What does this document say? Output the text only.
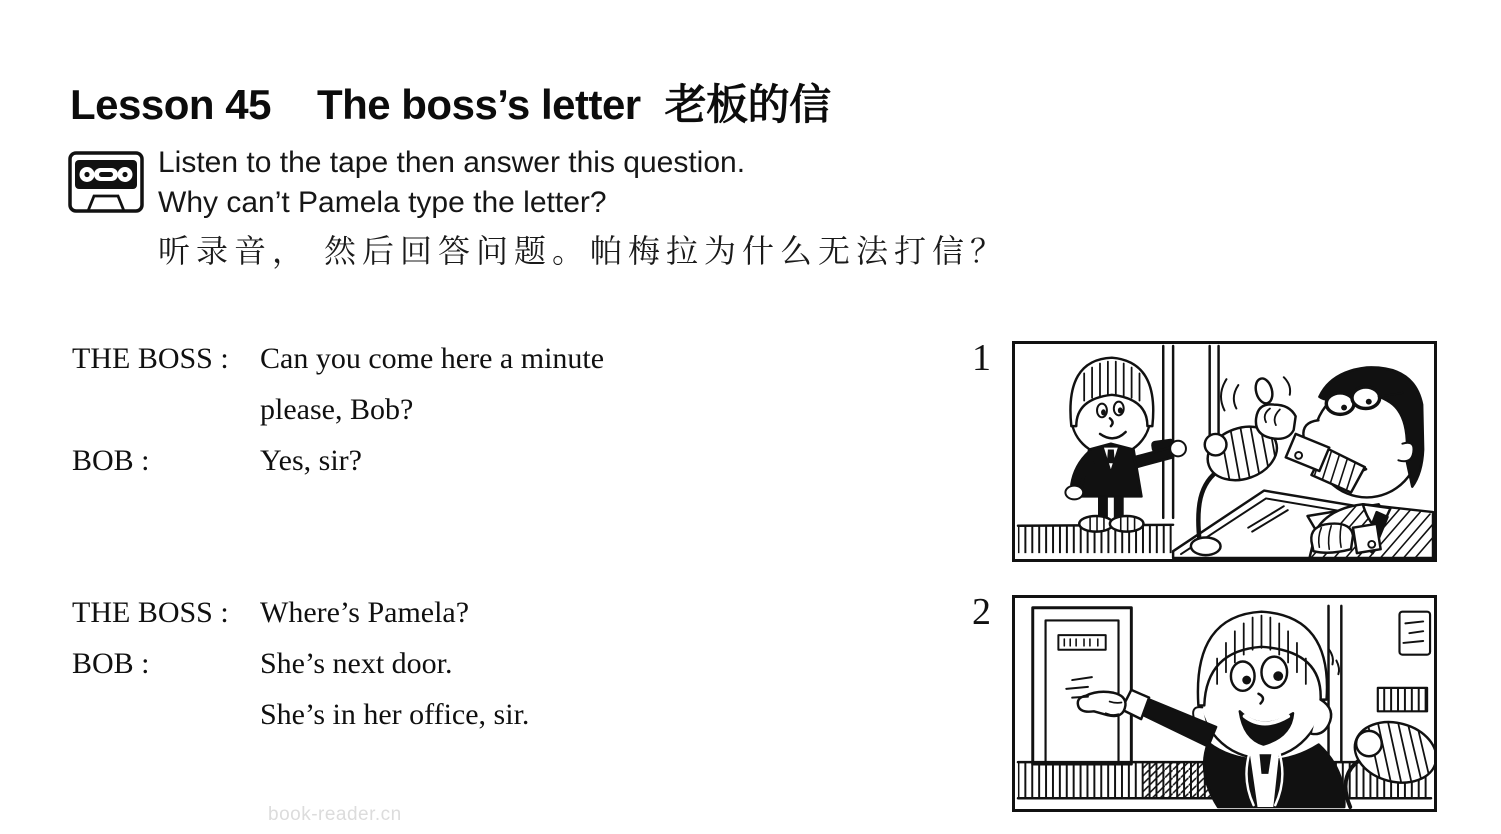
Lesson 45 The boss’s letter 老板的信
Listen to the tape then answer this question.
Why can’t Pamela type the letter?
听录音， 然后回答问题。帕梅拉为什么无法打信？
THE BOSS :	Can you come here a minute
please, Bob?
BOB :	Yes, sir?
THE BOSS :	Where’s Pamela?
BOB :	She’s next door.
She’s in her office, sir.
1
2
book-reader.cn
